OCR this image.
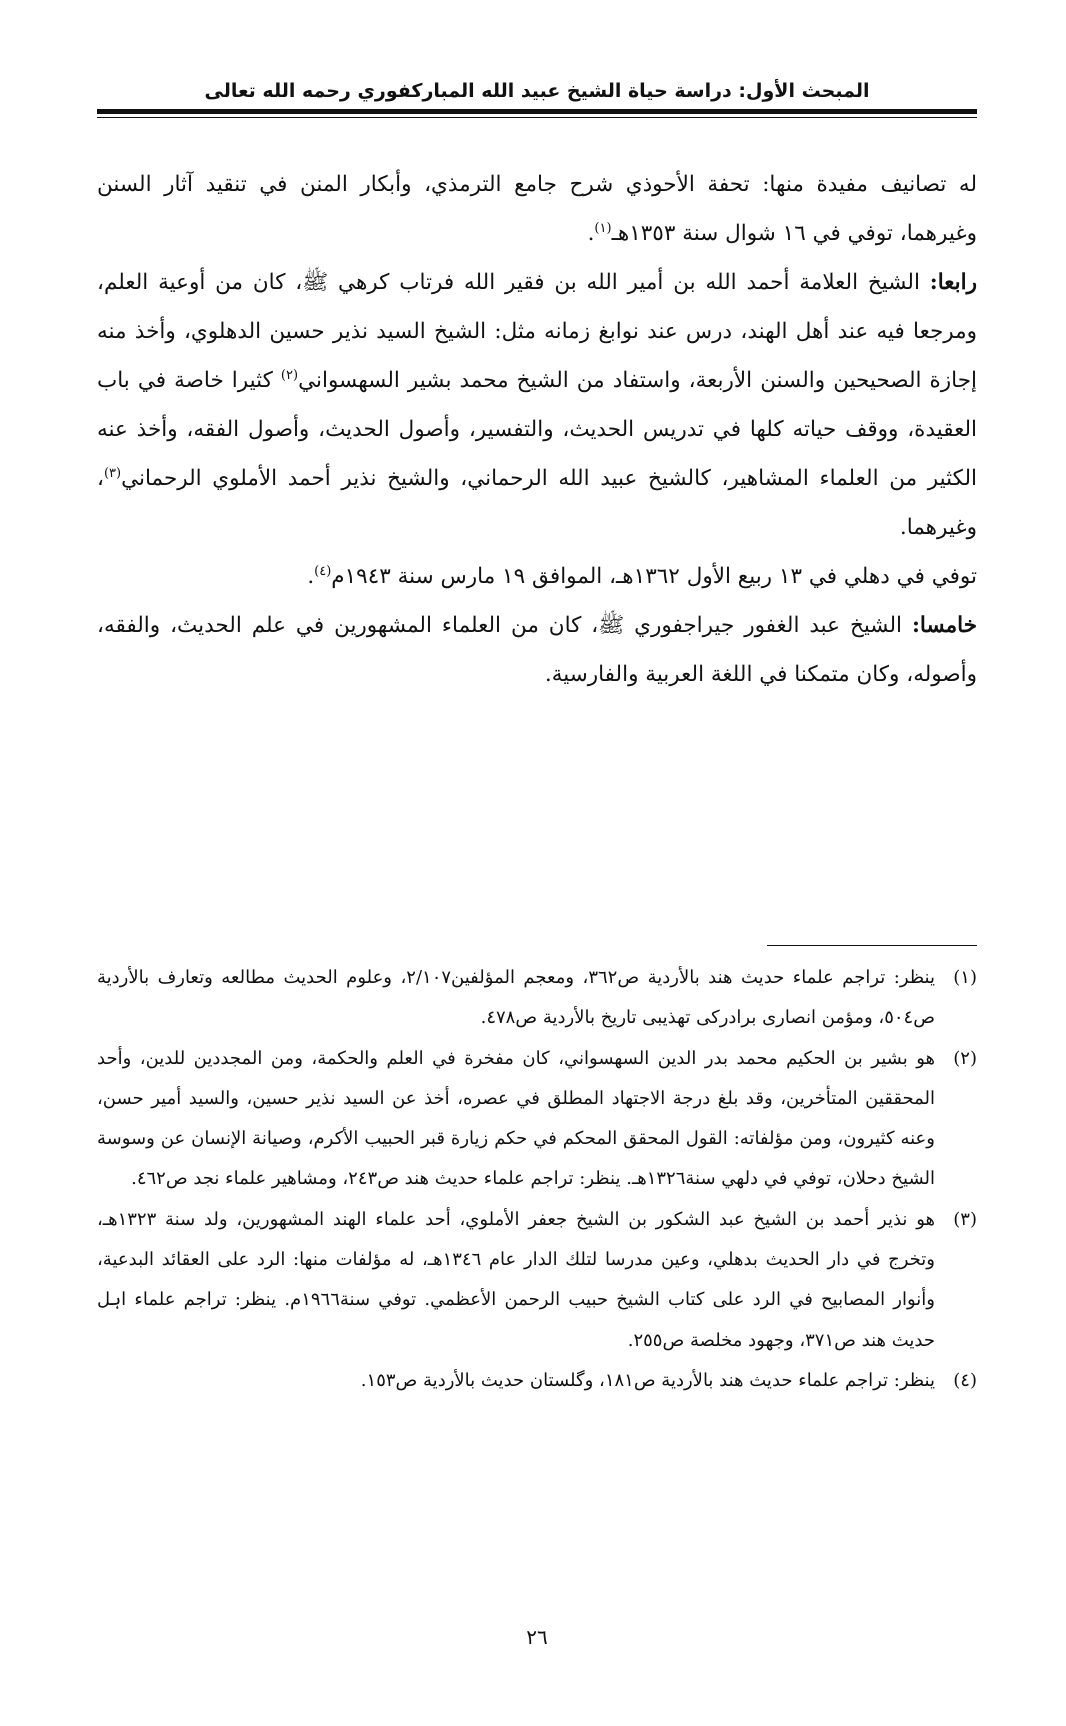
المبحث الأول: دراسة حياة الشيخ عبيد الله المباركفوري رحمه الله تعالى

له تصانيف مفيدة منها: تحفة الأحوذي شرح جامع الترمذي، وأبكار المنن في تنقيد آثار السنن وغيرهما، توفي في ١٦ شوال سنة ١٣٥٣هـ$^{(١)}$.

رابعا: الشيخ العلامة أحمد الله بن أمير الله بن فقير الله فرتاب كرهي ﷺ، كان من أوعية العلم، ومرجعا فيه عند أهل الهند، درس عند نوابغ زمانه مثل: الشيخ السيد نذير حسين الدهلوي، وأخذ منه إجازة الصحيحين والسنن الأربعة، واستفاد من الشيخ محمد بشير السهسواني$^{(٢)}$ كثيرا خاصة في باب العقيدة، ووقف حياته كلها في تدريس الحديث، والتفسير، وأصول الحديث، وأصول الفقه، وأخذ عنه الكثير من العلماء المشاهير، كالشيخ عبيد الله الرحماني، والشيخ نذير أحمد الأملوي الرحماني$^{(٣)}$، وغيرهما.

توفي في دهلي في ١٣ ربيع الأول ١٣٦٢هـ، الموافق ١٩ مارس سنة ١٩٤٣م$^{(٤)}$.

خامسا: الشيخ عبد الغفور جيراجفوري ﷺ، كان من العلماء المشهورين في علم الحديث، والفقه، وأصوله، وكان متمكنا في اللغة العربية والفارسية.

(١)
ينظر: تراجم علماء حديث هند بالأردية ص٣٦٢، ومعجم المؤلفين٢/١٠٧، وعلوم الحديث مطالعه وتعارف بالأردية ص٥٠٤، ومؤمن انصارى برادركى تهذيبى تاريخ بالأردية ص٤٧٨.
(٢)
هو بشير بن الحكيم محمد بدر الدين السهسواني، كان مفخرة في العلم والحكمة، ومن المجددين للدين، وأحد المحققين المتأخرين، وقد بلغ درجة الاجتهاد المطلق في عصره، أخذ عن السيد نذير حسين، والسيد أمير حسن، وعنه كثيرون، ومن مؤلفاته: القول المحقق المحكم في حكم زيارة قبر الحبيب الأكرم، وصيانة الإنسان عن وسوسة الشيخ دحلان، توفي في دلهي سنة١٣٢٦هـ. ينظر: تراجم علماء حديث هند ص٢٤٣، ومشاهير علماء نجد ص٤٦٢.
(٣)
هو نذير أحمد بن الشيخ عبد الشكور بن الشيخ جعفر الأملوي، أحد علماء الهند المشهورين، ولد سنة ١٣٢٣هـ، وتخرج في دار الحديث بدهلي، وعين مدرسا لتلك الدار عام ١٣٤٦هـ، له مؤلفات منها: الرد على العقائد البدعية، وأنوار المصابيح في الرد على كتاب الشيخ حبيب الرحمن الأعظمي. توفي سنة١٩٦٦م. ينظر: تراجم علماء اہل حديث هند ص٣٧١، وجهود مخلصة ص٢٥٥.
(٤)
ينظر: تراجم علماء حديث هند بالأردية ص١٨١، وگلستان حديث بالأردية ص١٥٣.
٢٦
